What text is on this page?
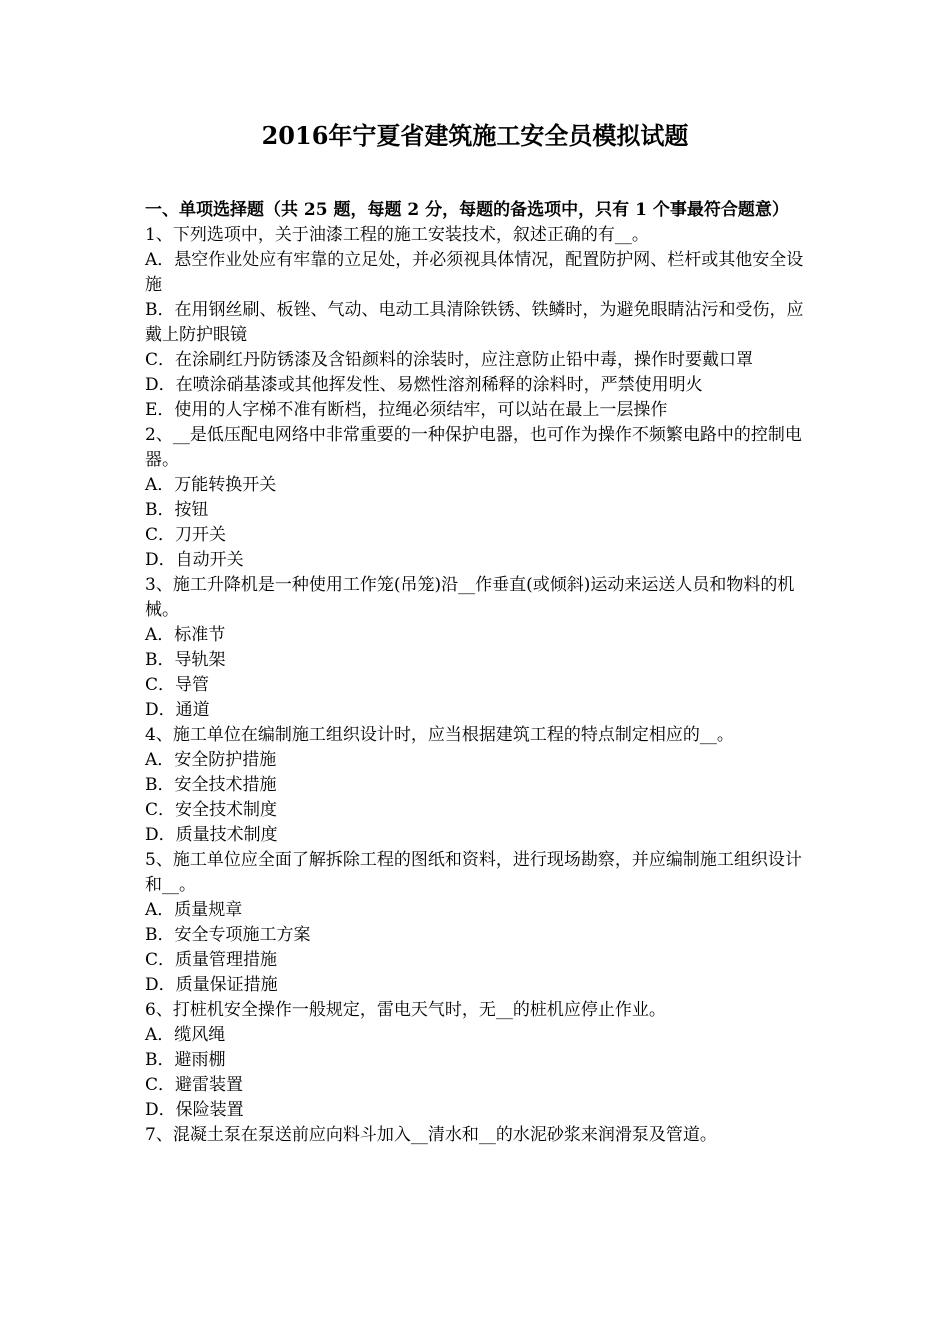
2016年宁夏省建筑施工安全员模拟试题

一、单项选择题（共 25 题，每题 2 分，每题的备选项中，只有 1 个事最符合题意）

1、下列选项中，关于油漆工程的施工安装技术，叙述正确的有__。

A．悬空作业处应有牢靠的立足处，并必须视具体情况，配置防护网、栏杆或其他安全设施

B．在用钢丝刷、板锉、气动、电动工具清除铁锈、铁鳞时，为避免眼睛沾污和受伤，应戴上防护眼镜

C．在涂刷红丹防锈漆及含铅颜料的涂装时，应注意防止铅中毒，操作时要戴口罩

D．在喷涂硝基漆或其他挥发性、易燃性溶剂稀释的涂料时，严禁使用明火

E．使用的人字梯不准有断档，拉绳必须结牢，可以站在最上一层操作

2、__是低压配电网络中非常重要的一种保护电器，也可作为操作不频繁电路中的控制电器。

A．万能转换开关

B．按钮

C．刀开关

D．自动开关

3、施工升降机是一种使用工作笼(吊笼)沿__作垂直(或倾斜)运动来运送人员和物料的机械。

A．标准节

B．导轨架

C．导管

D．通道

4、施工单位在编制施工组织设计时，应当根据建筑工程的特点制定相应的__。

A．安全防护措施

B．安全技术措施

C．安全技术制度

D．质量技术制度

5、施工单位应全面了解拆除工程的图纸和资料，进行现场勘察，并应编制施工组织设计和__。

A．质量规章

B．安全专项施工方案

C．质量管理措施

D．质量保证措施

6、打桩机安全操作一般规定，雷电天气时，无__的桩机应停止作业。

A．缆风绳

B．避雨棚

C．避雷装置

D．保险装置

7、混凝土泵在泵送前应向料斗加入__清水和__的水泥砂浆来润滑泵及管道。
